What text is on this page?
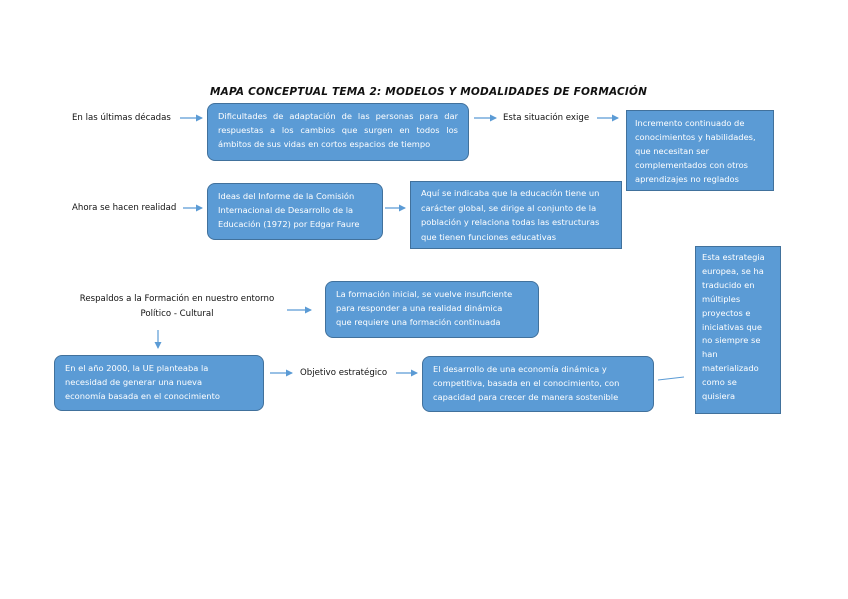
MAPA CONCEPTUAL TEMA 2: MODELOS Y MODALIDADES DE FORMACIÓN
En las últimas décadas	Esta situación exige
Ahora se hacen realidad
Respaldos a la Formación en nuestro entorno
Político - Cultural
Objetivo estratégico
Dificultades de adaptación de las personas para dar
respuestas a los cambios que surgen en todos los
ámbitos de sus vidas en cortos espacios de tiempo
Incremento continuado de
conocimientos y habilidades,
que necesitan ser
complementados con otros
aprendizajes no reglados
Ideas del Informe de la Comisión
Internacional de Desarrollo de la
Educación (1972) por Edgar Faure
Aquí se indicaba que la educación tiene un
carácter global, se dirige al conjunto de la
población y relaciona todas las estructuras
que tienen funciones educativas
La formación inicial, se vuelve insuficiente
para responder a una realidad dinámica
que requiere una formación continuada
En el año 2000, la UE planteaba la
necesidad de generar una nueva
economía basada en el conocimiento
El desarrollo de una economía dinámica y
competitiva, basada en el conocimiento, con
capacidad para crecer de manera sostenible
Esta estrategia
europea, se ha
traducido en
múltiples
proyectos e
iniciativas que
no siempre se
han
materializado
como se
quisiera
